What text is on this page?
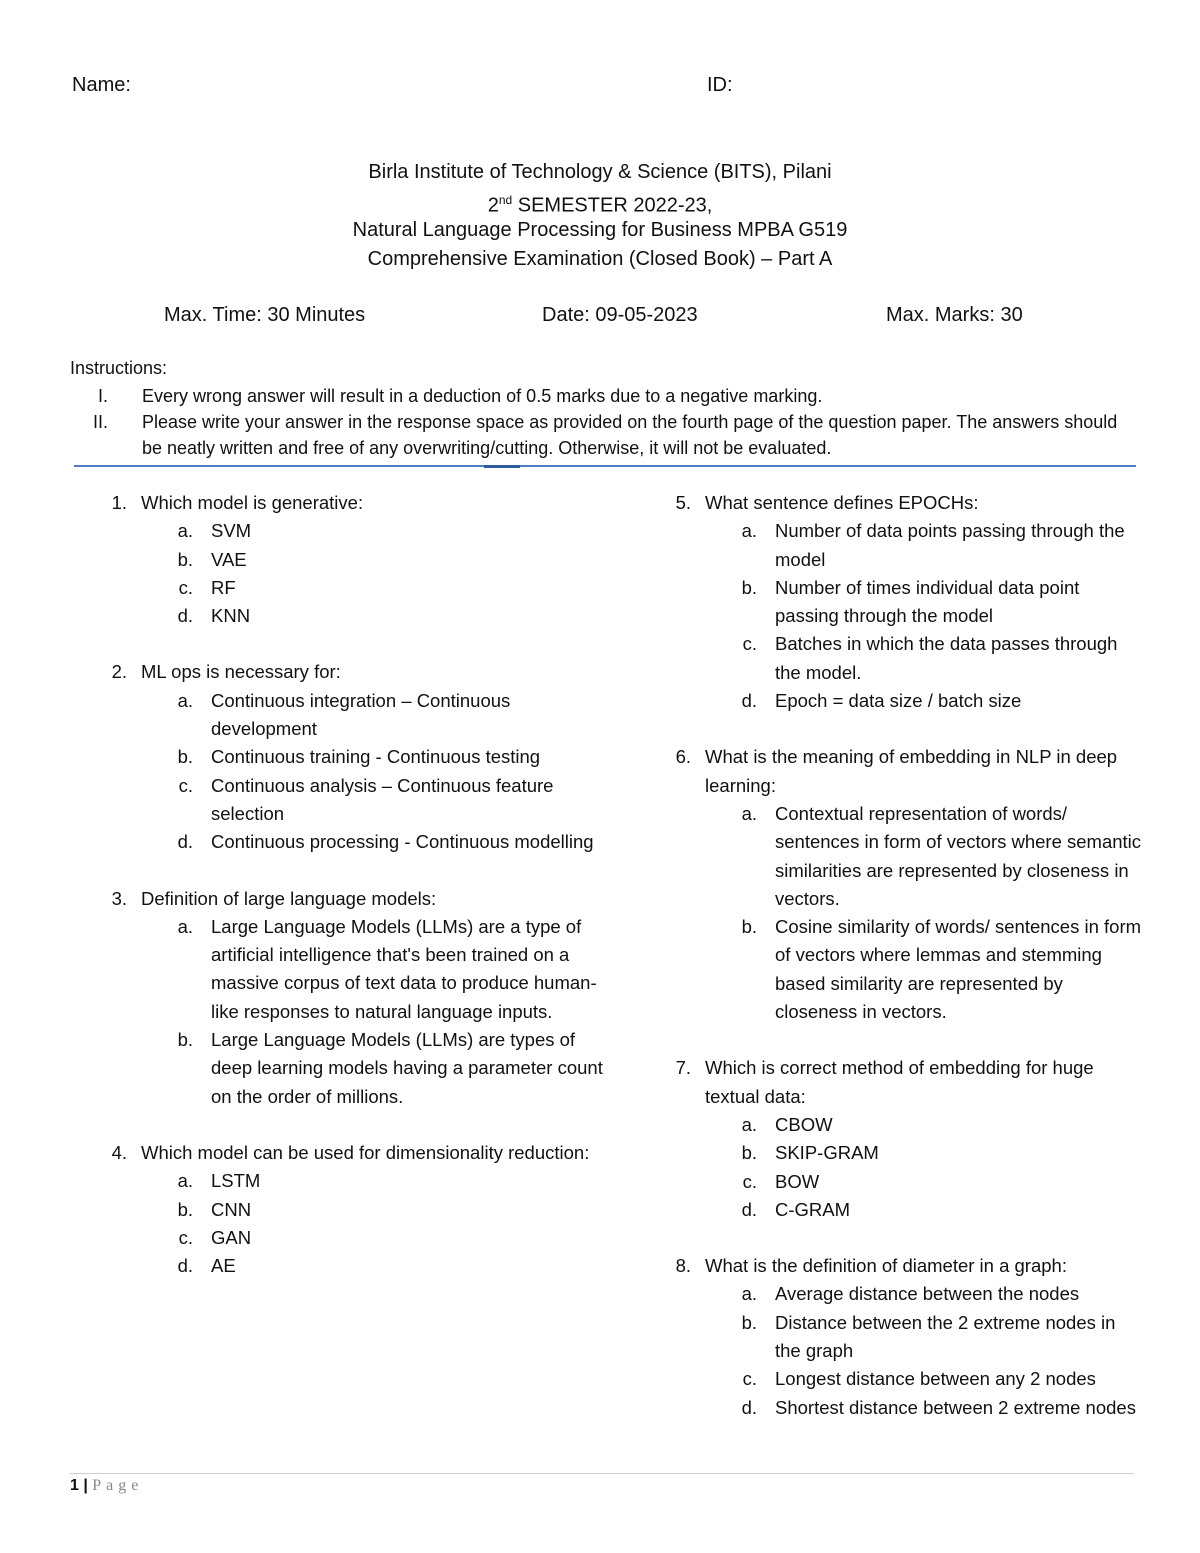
Name:	ID:
Birla Institute of Technology & Science (BITS), Pilani
2nd SEMESTER 2022-23,
Natural Language Processing for Business MPBA G519
Comprehensive Examination (Closed Book) – Part A
Max. Time: 30 Minutes	Date: 09-05-2023	Max. Marks: 30
Instructions:
I. Every wrong answer will result in a deduction of 0.5 marks due to a negative marking.
II. Please write your answer in the response space as provided on the fourth page of the question paper. The answers should be neatly written and free of any overwriting/cutting. Otherwise, it will not be evaluated.
1. Which model is generative:
a. SVM
b. VAE
c. RF
d. KNN
2. ML ops is necessary for:
a. Continuous integration – Continuous development
b. Continuous training - Continuous testing
c. Continuous analysis – Continuous feature selection
d. Continuous processing - Continuous modelling
3. Definition of large language models:
a. Large Language Models (LLMs) are a type of artificial intelligence that's been trained on a massive corpus of text data to produce human-like responses to natural language inputs.
b. Large Language Models (LLMs) are types of deep learning models having a parameter count on the order of millions.
4. Which model can be used for dimensionality reduction:
a. LSTM
b. CNN
c. GAN
d. AE
5. What sentence defines EPOCHs:
a. Number of data points passing through the model
b. Number of times individual data point passing through the model
c. Batches in which the data passes through the model.
d. Epoch = data size / batch size
6. What is the meaning of embedding in NLP in deep learning:
a. Contextual representation of words/ sentences in form of vectors where semantic similarities are represented by closeness in vectors.
b. Cosine similarity of words/ sentences in form of vectors where lemmas and stemming based similarity are represented by closeness in vectors.
7. Which is correct method of embedding for huge textual data:
a. CBOW
b. SKIP-GRAM
c. BOW
d. C-GRAM
8. What is the definition of diameter in a graph:
a. Average distance between the nodes
b. Distance between the 2 extreme nodes in the graph
c. Longest distance between any 2 nodes
d. Shortest distance between 2 extreme nodes
1 | Page
